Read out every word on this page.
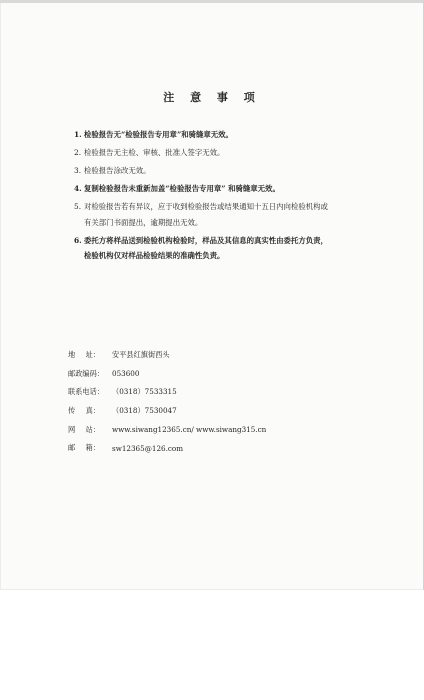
注 意 事 项
1. 检验报告无“检验报告专用章”和骑缝章无效。
2. 检验报告无主检、审核、批准人签字无效。
3. 检验报告涂改无效。
4. 复制检验报告未重新加盖“检验报告专用章” 和骑缝章无效。
5. 对检验报告若有异议，应于收到检验报告或结果通知十五日内向检验机构或
有关部门书面提出，逾期提出无效。
6. 委托方将样品送到检验机构检验时，样品及其信息的真实性由委托方负责，
检验机构仅对样品检验结果的准确性负责。
地 址： 安平县红旗街西头
邮政编码：	053600
联系电话：	（0318）7533315
传 真： （0318）7530047
网 站： www.siwang12365.cn/ www.siwang315.cn
邮 箱： sw12365@126.com
